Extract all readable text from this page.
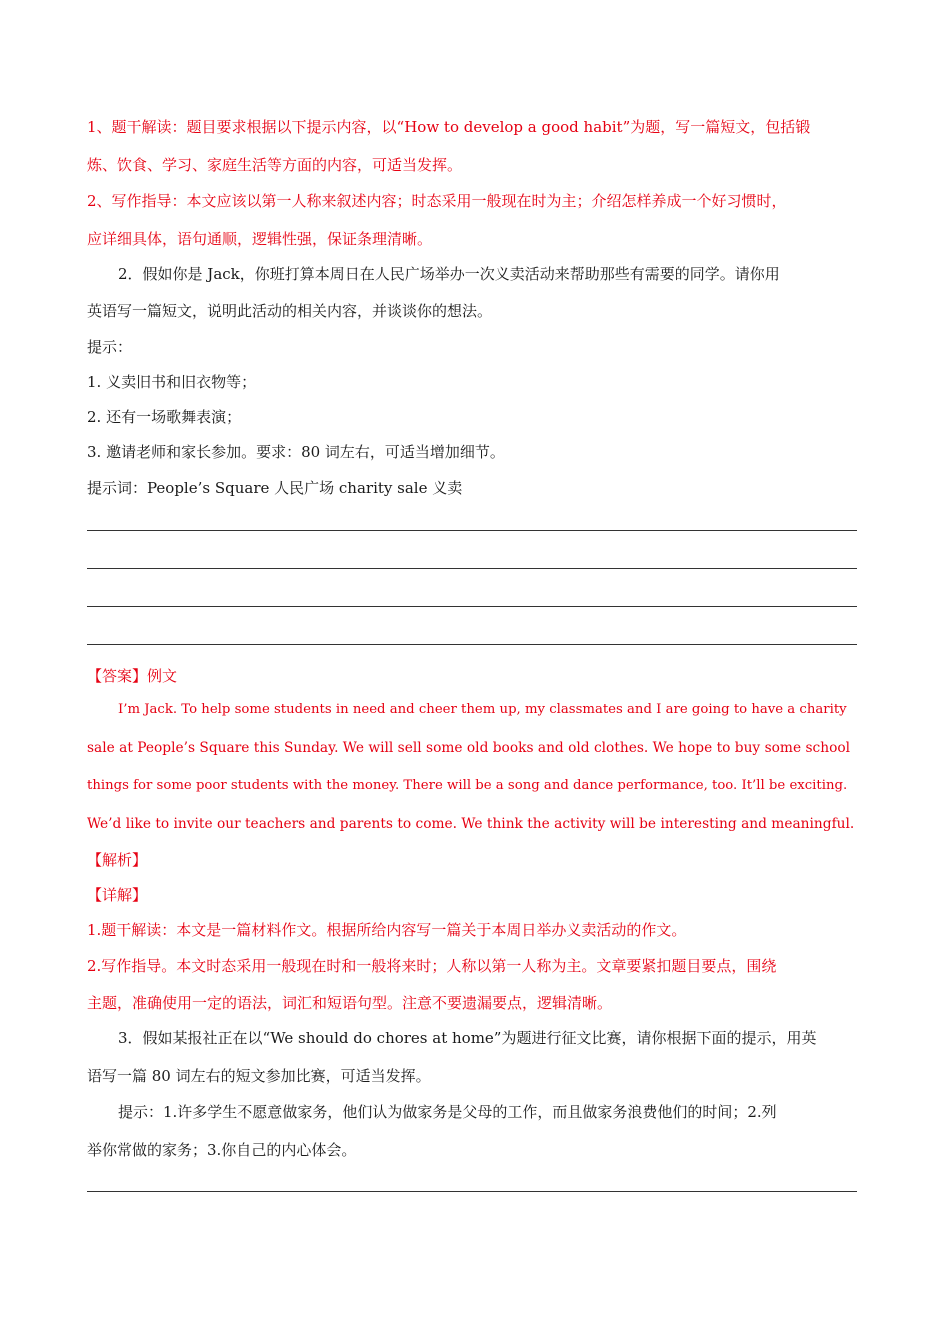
1、题干解读：题目要求根据以下提示内容，以“How to develop a good habit”为题，写一篇短文，包括锻
炼、饮食、学习、家庭生活等方面的内容，可适当发挥。
2、写作指导：本文应该以第一人称来叙述内容；时态采用一般现在时为主；介绍怎样养成一个好习惯时，
应详细具体，语句通顺，逻辑性强，保证条理清晰。
2．假如你是 Jack，你班打算本周日在人民广场举办一次义卖活动来帮助那些有需要的同学。请你用
英语写一篇短文，说明此活动的相关内容，并谈谈你的想法。
提示：
1. 义卖旧书和旧衣物等；
2. 还有一场歌舞表演；
3. 邀请老师和家长参加。要求：80 词左右，可适当增加细节。
提示词：People’s Square 人民广场 charity sale 义卖
【答案】例文
I’m Jack. To help some students in need and cheer them up, my classmates and I are going to have a charity
sale at People’s Square this Sunday. We will sell some old books and old clothes. We hope to buy some school
things for some poor students with the money. There will be a song and dance performance, too. It’ll be exciting.
We’d like to invite our teachers and parents to come. We think the activity will be interesting and meaningful.
【解析】
【详解】
1.题干解读：本文是一篇材料作文。根据所给内容写一篇关于本周日举办义卖活动的作文。
2.写作指导。本文时态采用一般现在时和一般将来时；人称以第一人称为主。文章要紧扣题目要点，围绕
主题，准确使用一定的语法，词汇和短语句型。注意不要遗漏要点，逻辑清晰。
3．假如某报社正在以“We should do chores at home”为题进行征文比赛，请你根据下面的提示，用英
语写一篇 80 词左右的短文参加比赛，可适当发挥。
提示：1.许多学生不愿意做家务，他们认为做家务是父母的工作，而且做家务浪费他们的时间；2.列
举你常做的家务；3.你自己的内心体会。
